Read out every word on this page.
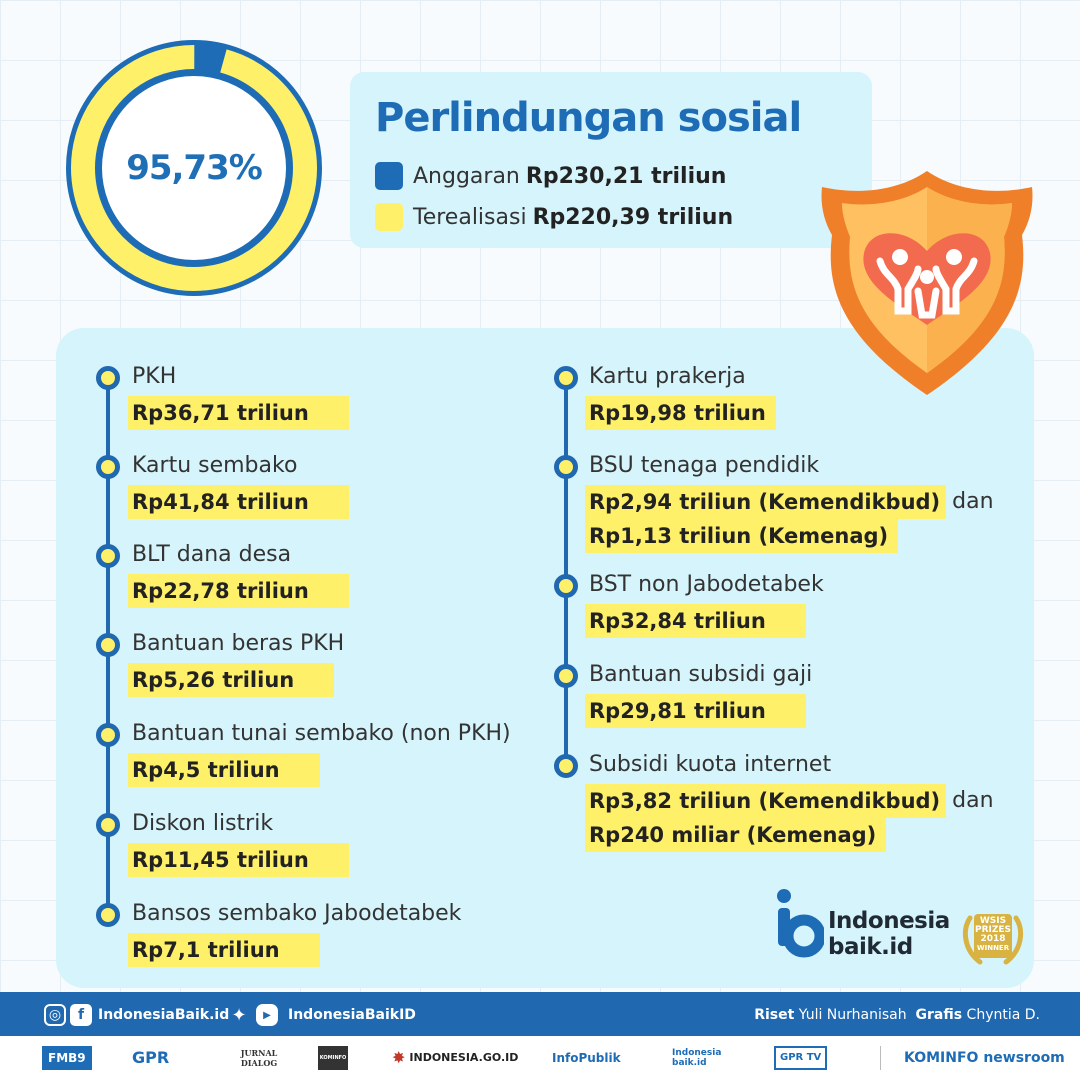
95,73%
Perlindungan sosial
Anggaran Rp230,21 triliun
Terealisasi Rp220,39 triliun
PKH
Rp36,71 triliun
Kartu sembako
Rp41,84 triliun
BLT dana desa
Rp22,78 triliun
Bantuan beras PKH
Rp5,26 triliun
Bantuan tunai sembako (non PKH)
Rp4,5 triliun
Diskon listrik
Rp11,45 triliun
Bansos sembako Jabodetabek
Rp7,1 triliun
Kartu prakerja
Rp19,98 triliun
BSU tenaga pendidik
Rp2,94 triliun (Kemendikbud) dan
Rp1,13 triliun (Kemenag)
BST non Jabodetabek
Rp32,84 triliun
Bantuan subsidi gaji
Rp29,81 triliun
Subsidi kuota internet
Rp3,82 triliun (Kemendikbud) dan
Rp240 miliar (Kemenag)
Indonesia
baik.id
WSIS
PRIZES
2018
WINNER
◎	f IndonesiaBaik.id ✦	▶	IndonesiaBaikID	Riset Yuli Nurhanisah Grafis Chyntia D.
FMB9	GPR	JURNAL DIALOG	KOMINFO	✸ INDONESIA.GO.ID	InfoPublik	Indonesia baik.id	GPR TV	KOMINFO newsroom
